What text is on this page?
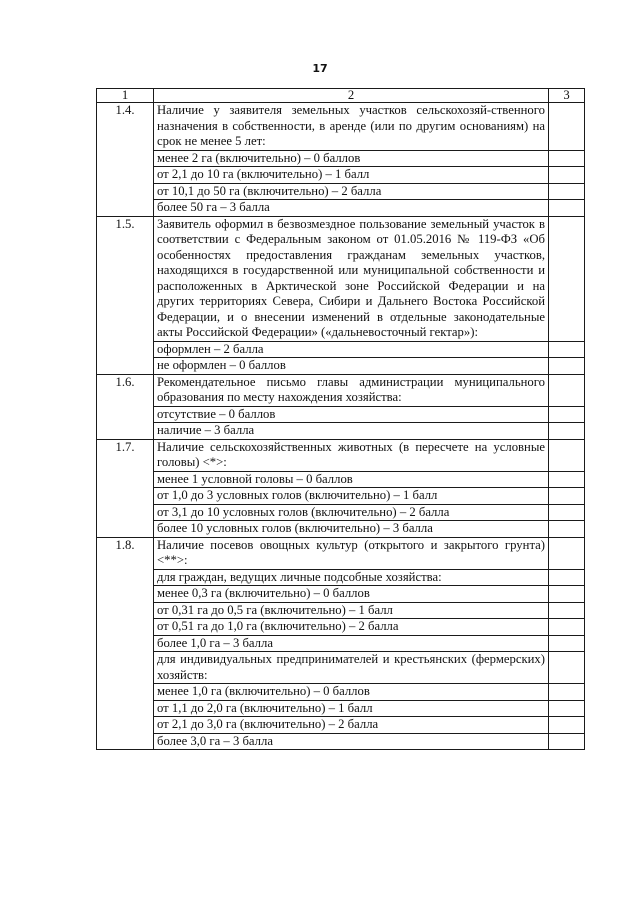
17
1	2	3
1.4.	Наличие у заявителя земельных участков сельскохозяй-ственного назначения в собственности, в аренде (или по другим основаниям) на срок не менее 5 лет:	
	менее 2 га (включительно) – 0 баллов	
	от 2,1 до 10 га (включительно) – 1 балл	
	от 10,1 до 50 га (включительно) – 2 балла	
	более 50 га – 3 балла	
1.5.	Заявитель оформил в безвозмездное пользование земельный участок в соответствии с Федеральным законом от 01.05.2016 № 119-ФЗ «Об особенностях предоставления гражданам земельных участков, находящихся в государственной или муниципальной собственности и расположенных в Арктической зоне Российской Федерации и на других территориях Севера, Сибири и Дальнего Востока Российской Федерации, и о внесении изменений в отдельные законодательные акты Российской Федерации» («дальневосточный гектар»):	
	оформлен – 2 балла	
	не оформлен – 0 баллов	
1.6.	Рекомендательное письмо главы администрации муниципального образования по месту нахождения хозяйства:	
	отсутствие – 0 баллов	
	наличие – 3 балла	
1.7.	Наличие сельскохозяйственных животных (в пересчете на условные головы) <*>:	
	менее 1 условной головы – 0 баллов	
	от 1,0 до 3 условных голов (включительно) – 1 балл	
	от 3,1 до 10 условных голов (включительно) – 2 балла	
	более 10 условных голов (включительно) – 3 балла	
1.8.	Наличие посевов овощных культур (открытого и закрытого грунта) <**>:	
	для граждан, ведущих личные подсобные хозяйства:	
	менее 0,3 га (включительно) – 0 баллов	
	от 0,31 га до 0,5 га (включительно) – 1 балл	
	от 0,51 га до 1,0 га (включительно) – 2 балла	
	более 1,0 га – 3 балла	
	для индивидуальных предпринимателей и крестьянских (фермерских) хозяйств:	
	менее 1,0 га (включительно) – 0 баллов	
	от 1,1 до 2,0 га (включительно) – 1 балл	
	от 2,1 до 3,0 га (включительно) – 2 балла	
	более 3,0 га – 3 балла	
